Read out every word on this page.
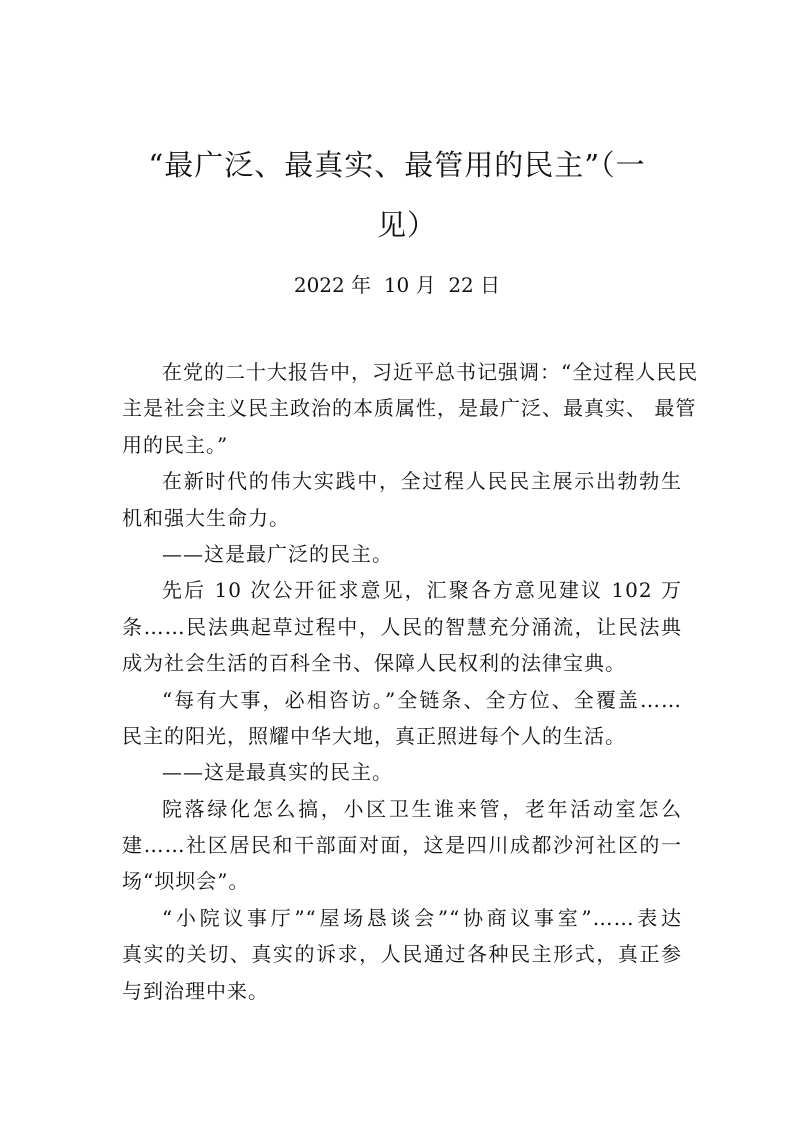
“最广泛、最真实、最管用的民主”（一
见）
2022 年  10 月  22 日

在党的二十大报告中，习近平总书记强调：“全过程人民民
主是社会主义民主政治的本质属性，是最广泛、最真实、 最管
用的民主。”

在新时代的伟大实践中，全过程人民民主展示出勃勃生
机和强大生命力。

——这是最广泛的民主。

先后 10 次公开征求意见，汇聚各方意见建议 102 万
条……民法典起草过程中，人民的智慧充分涌流，让民法典
成为社会生活的百科全书、保障人民权利的法律宝典。

“每有大事，必相咨访。”全链条、全方位、全覆盖……
民主的阳光，照耀中华大地，真正照进每个人的生活。

——这是最真实的民主。

院落绿化怎么搞，小区卫生谁来管，老年活动室怎么
建……社区居民和干部面对面，这是四川成都沙河社区的一
场“坝坝会”。

“小院议事厅”“屋场恳谈会”“协商议事室”……表达
真实的关切、真实的诉求，人民通过各种民主形式，真正参
与到治理中来。
